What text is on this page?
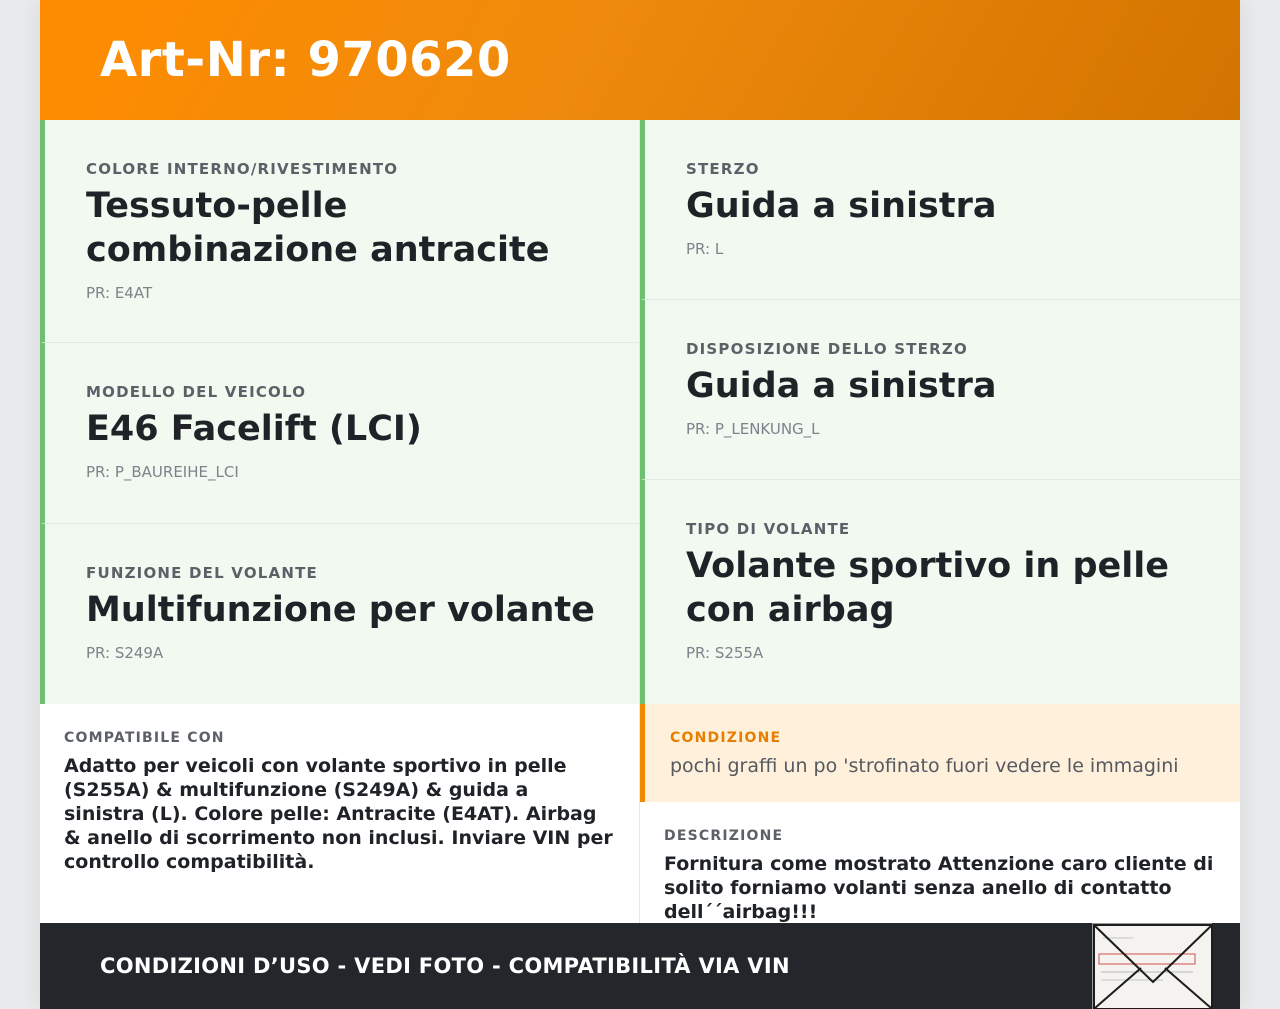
Art-Nr: 970620
COLORE INTERNO/RIVESTIMENTO
Tessuto-pelle combinazione antracite
PR: E4AT
MODELLO DEL VEICOLO
E46 Facelift (LCI)
PR: P_BAUREIHE_LCI
FUNZIONE DEL VOLANTE
Multifunzione per volante
PR: S249A
STERZO
Guida a sinistra
PR: L
DISPOSIZIONE DELLO STERZO
Guida a sinistra
PR: P_LENKUNG_L
TIPO DI VOLANTE
Volante sportivo in pelle con airbag
PR: S255A
COMPATIBILE CON
Adatto per veicoli con volante sportivo in pelle (S255A) & multifunzione (S249A) & guida a sinistra (L). Colore pelle: Antracite (E4AT). Airbag & anello di scorrimento non inclusi. Inviare VIN per controllo compatibilità.
CONDIZIONE
pochi graffi un po 'strofinato fuori vedere le immagini
DESCRIZIONE
Fornitura come mostrato Attenzione caro cliente di solito forniamo volanti senza anello di contatto dell´´airbag!!!
CONDIZIONI D’USO - VEDI FOTO - COMPATIBILITÀ VIA VIN
